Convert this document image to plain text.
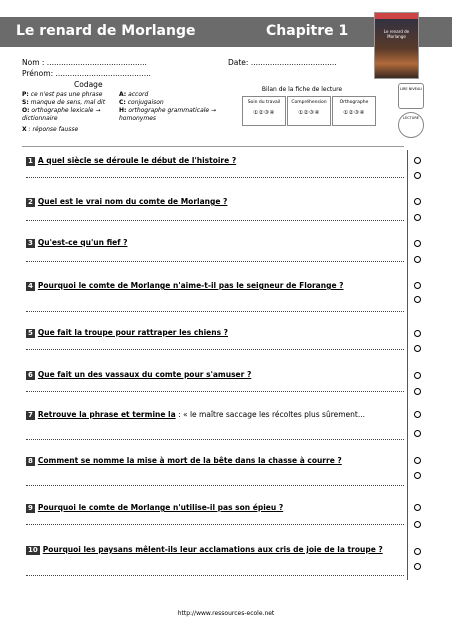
Le renard de Morlange	Chapitre 1	Le renard de Morlange
Nom : ..........................................
Prénom: ........................................
Date: ....................................
Codage
P: ce n'est pas une phrase
S: manque de sens, mal dit
O: orthographe lexicale → dictionnaire
A: accord
C: conjugaison
H: orthographe grammaticale → homonymes
X : réponse fausse
Bilan de la fiche de lecture
Soin du travail
①②③④
Compréhension
①②③④
Orthographe
①②③④
LIRE NIVEAU
LECTURE
1 A quel siècle se déroule le début de l'histoire ?
2 Quel est le vrai nom du comte de Morlange ?
3 Qu'est-ce qu'un fief ?
4 Pourquoi le comte de Morlange n'aime-t-il pas le seigneur de Florange ?
5 Que fait la troupe pour rattraper les chiens ?
6 Que fait un des vassaux du comte pour s'amuser ?
7 Retrouve la phrase et termine la : « le maître saccage les récoltes plus sûrement...
8 Comment se nomme la mise à mort de la bête dans la chasse à courre ?
9 Pourquoi le comte de Morlange n'utilise-il pas son épieu ?
10 Pourquoi les paysans mêlent-ils leur acclamations aux cris de joie de la troupe ?
http://www.ressources-ecole.net
